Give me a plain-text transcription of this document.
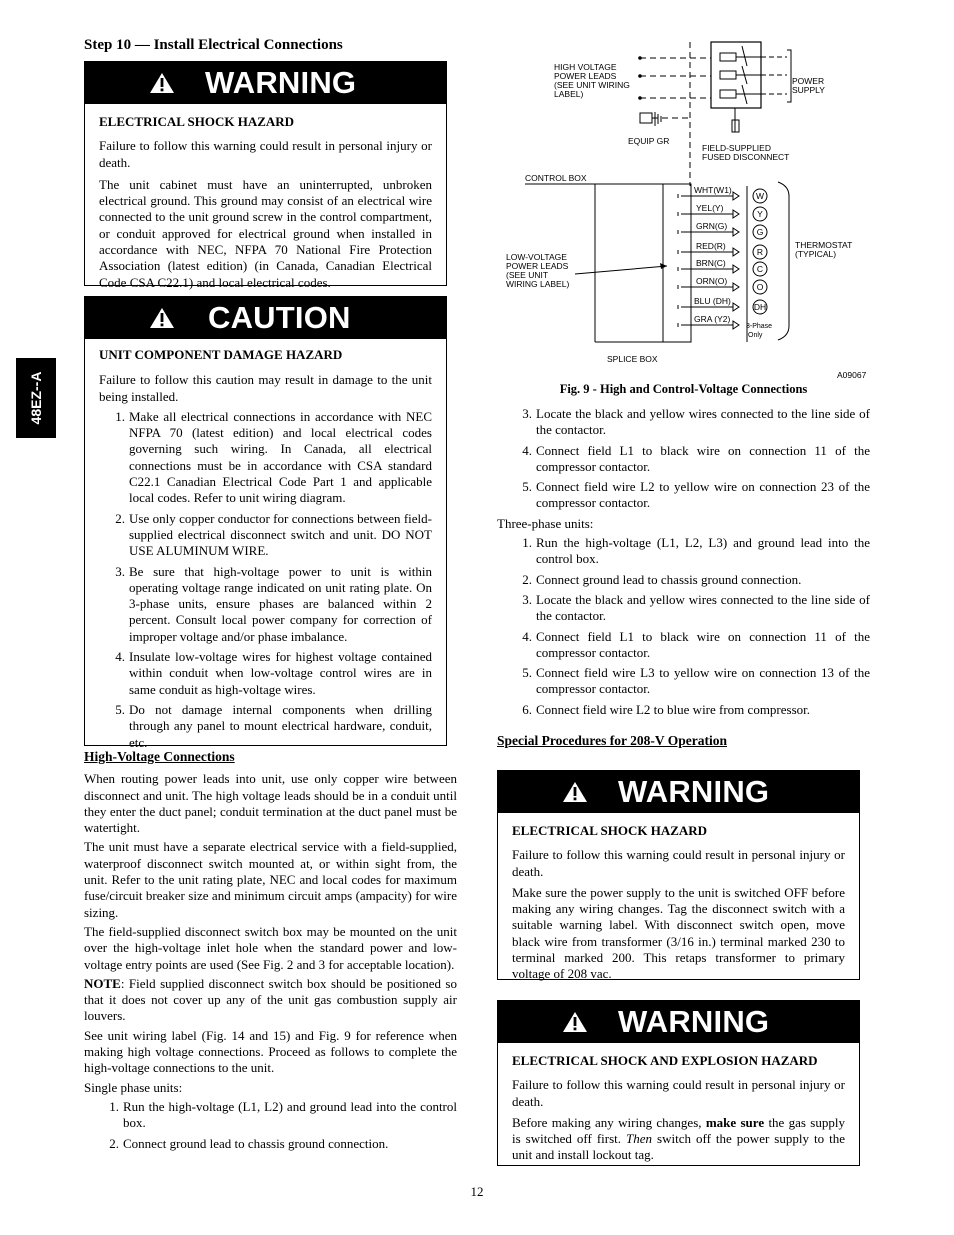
48EZ--A
Step 10 — Install Electrical Connections
WARNING
ELECTRICAL SHOCK HAZARD

Failure to follow this warning could result in personal injury or death.

The unit cabinet must have an uninterrupted, unbroken electrical ground. This ground may consist of an electrical wire connected to the unit ground screw in the control compartment, or conduit approved for electrical ground when installed in accordance with NEC, NFPA 70 National Fire Protection Association (latest edition) (in Canada, Canadian Electrical Code CSA C22.1) and local electrical codes.

CAUTION
UNIT COMPONENT DAMAGE HAZARD

Failure to follow this caution may result in damage to the unit being installed.

1. Make all electrical connections in accordance with NEC NFPA 70 (latest edition) and local electrical codes governing such wiring. In Canada, all electrical connections must be in accordance with CSA standard C22.1 Canadian Electrical Code Part 1 and applicable local codes. Refer to unit wiring diagram.
2. Use only copper conductor for connections between field-supplied electrical disconnect switch and unit. DO NOT USE ALUMINUM WIRE.
3. Be sure that high-voltage power to unit is within operating voltage range indicated on unit rating plate. On 3-phase units, ensure phases are balanced within 2 percent. Consult local power company for correction of improper voltage and/or phase imbalance.
4. Insulate low-voltage wires for highest voltage contained within conduit when low-voltage control wires are in same conduit as high-voltage wires.
5. Do not damage internal components when drilling through any panel to mount electrical hardware, conduit, etc.
High-Voltage Connections

When routing power leads into unit, use only copper wire between disconnect and unit. The high voltage leads should be in a conduit until they enter the duct panel; conduit termination at the duct panel must be watertight.

The unit must have a separate electrical service with a field-supplied, waterproof disconnect switch mounted at, or within sight from, the unit. Refer to the unit rating plate, NEC and local codes for maximum fuse/circuit breaker size and minimum circuit amps (ampacity) for wire sizing.

The field-supplied disconnect switch box may be mounted on the unit over the high-voltage inlet hole when the standard power and low-voltage entry points are used (See Fig. 2 and 3 for acceptable location).

NOTE: Field supplied disconnect switch box should be positioned so that it does not cover up any of the unit gas combustion supply air louvers.

See unit wiring label (Fig. 14 and 15) and Fig. 9 for reference when making high voltage connections. Proceed as follows to complete the high-voltage connections to the unit.

Single phase units:
1. Run the high-voltage (L1, L2) and ground lead into the control box.
2. Connect ground lead to chassis ground connection.
HIGH VOLTAGE
POWER LEADS
(SEE UNIT WIRING
LABEL)
POWER
SUPPLY
EQUIP GR
FIELD-SUPPLIED
FUSED DISCONNECT
CONTROL BOX
SPLICE BOX
LOW-VOLTAGE
POWER LEADS
(SEE UNIT
WIRING LABEL)
WHT(W1)
YEL(Y)
GRN(G)
RED(R)
BRN(C)
ORN(O)
BLU (DH)
GRA (Y2)
W
Y
G
R
C
O
DH
3-Phase
Only
THERMOSTAT
(TYPICAL)
A09067
Fig. 9 - High and Control-Voltage Connections
3. Locate the black and yellow wires connected to the line side of the contactor.
4. Connect field L1 to black wire on connection 11 of the compressor contactor.
5. Connect field wire L2 to yellow wire on connection 23 of the compressor contactor.
Three-phase units:
1. Run the high-voltage (L1, L2, L3) and ground lead into the control box.
2. Connect ground lead to chassis ground connection.
3. Locate the black and yellow wires connected to the line side of the contactor.
4. Connect field L1 to black wire on connection 11 of the compressor contactor.
5. Connect field wire L3 to yellow wire on connection 13 of the compressor contactor.
6. Connect field wire L2 to blue wire from compressor.
Special Procedures for 208-V Operation
WARNING
ELECTRICAL SHOCK HAZARD

Failure to follow this warning could result in personal injury or death.

Make sure the power supply to the unit is switched OFF before making any wiring changes. Tag the disconnect switch with a suitable warning label. With disconnect switch open, move black wire from transformer (3/16 in.) terminal marked 230 to terminal marked 200. This retaps transformer to primary voltage of 208 vac.

WARNING
ELECTRICAL SHOCK AND EXPLOSION HAZARD

Failure to follow this warning could result in personal injury or death.

Before making any wiring changes, make sure the gas supply is switched off first. Then switch off the power supply to the unit and install lockout tag.

12
